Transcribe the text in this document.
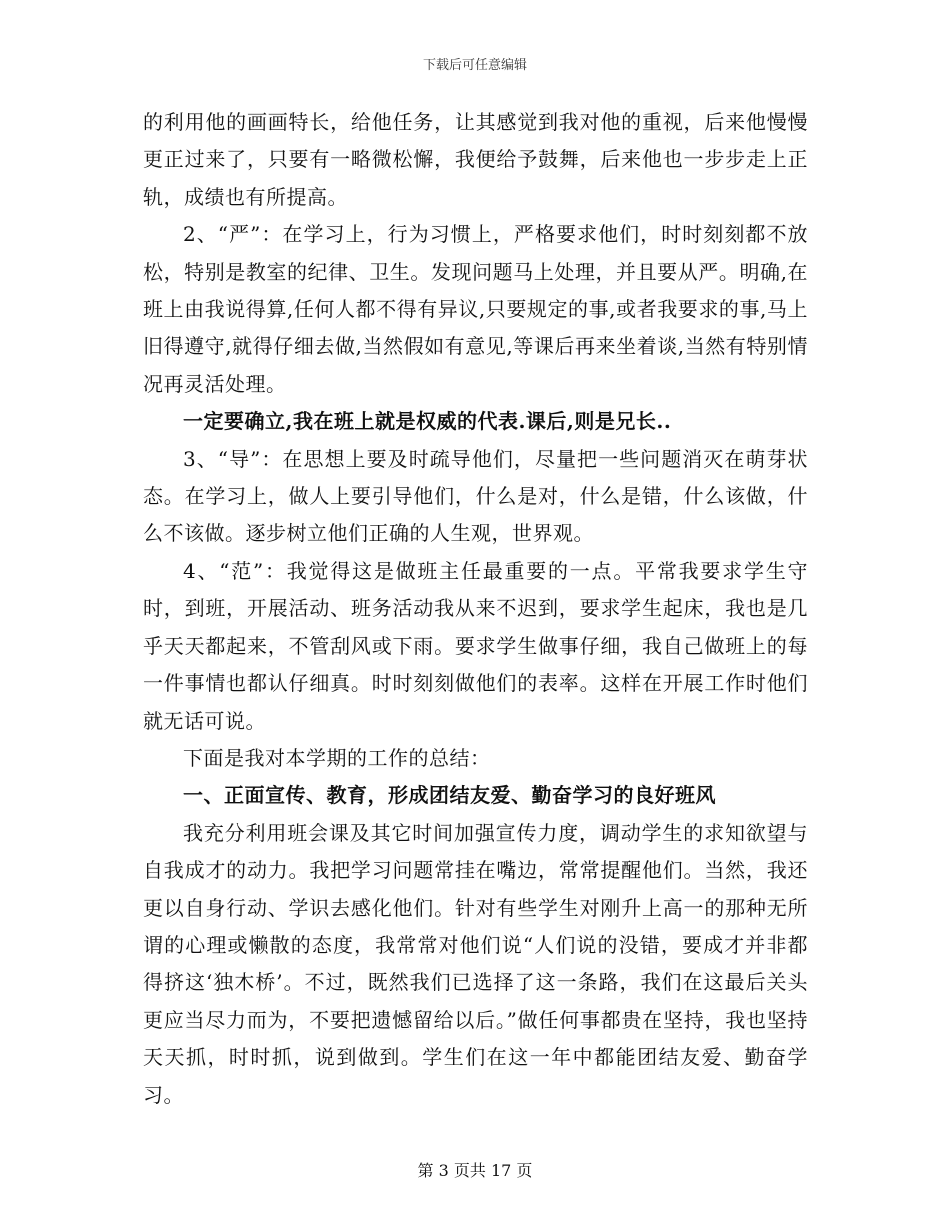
下载后可任意编辑

的利用他的画画特长，给他任务，让其感觉到我对他的重视，后来他慢慢更正过来了，只要有一略微松懈，我便给予鼓舞，后来他也一步步走上正轨，成绩也有所提高。

2、“严”：在学习上，行为习惯上，严格要求他们，时时刻刻都不放松，特别是教室的纪律、卫生。发现问题马上处理，并且要从严。明确,在班上由我说得算,任何人都不得有异议,只要规定的事,或者我要求的事,马上旧得遵守,就得仔细去做,当然假如有意见,等课后再来坐着谈,当然有特别情况再灵活处理。

一定要确立,我在班上就是权威的代表.课后,则是兄长..

3、“导”：在思想上要及时疏导他们，尽量把一些问题消灭在萌芽状态。在学习上，做人上要引导他们，什么是对，什么是错，什么该做，什么不该做。逐步树立他们正确的人生观，世界观。

4、“范”：我觉得这是做班主任最重要的一点。平常我要求学生守时，到班，开展活动、班务活动我从来不迟到，要求学生起床，我也是几乎天天都起来，不管刮风或下雨。要求学生做事仔细，我自己做班上的每一件事情也都认仔细真。时时刻刻做他们的表率。这样在开展工作时他们就无话可说。

下面是我对本学期的工作的总结：

一、正面宣传、教育，形成团结友爱、勤奋学习的良好班风

我充分利用班会课及其它时间加强宣传力度，调动学生的求知欲望与自我成才的动力。我把学习问题常挂在嘴边，常常提醒他们。当然，我还更以自身行动、学识去感化他们。针对有些学生对刚升上高一的那种无所谓的心理或懒散的态度，我常常对他们说“人们说的没错，要成才并非都得挤这‘独木桥’。不过，既然我们已选择了这一条路，我们在这最后关头更应当尽力而为，不要把遗憾留给以后。”做任何事都贵在坚持，我也坚持天天抓，时时抓，说到做到。学生们在这一年中都能团结友爱、勤奋学习。

第 3 页共 17 页
